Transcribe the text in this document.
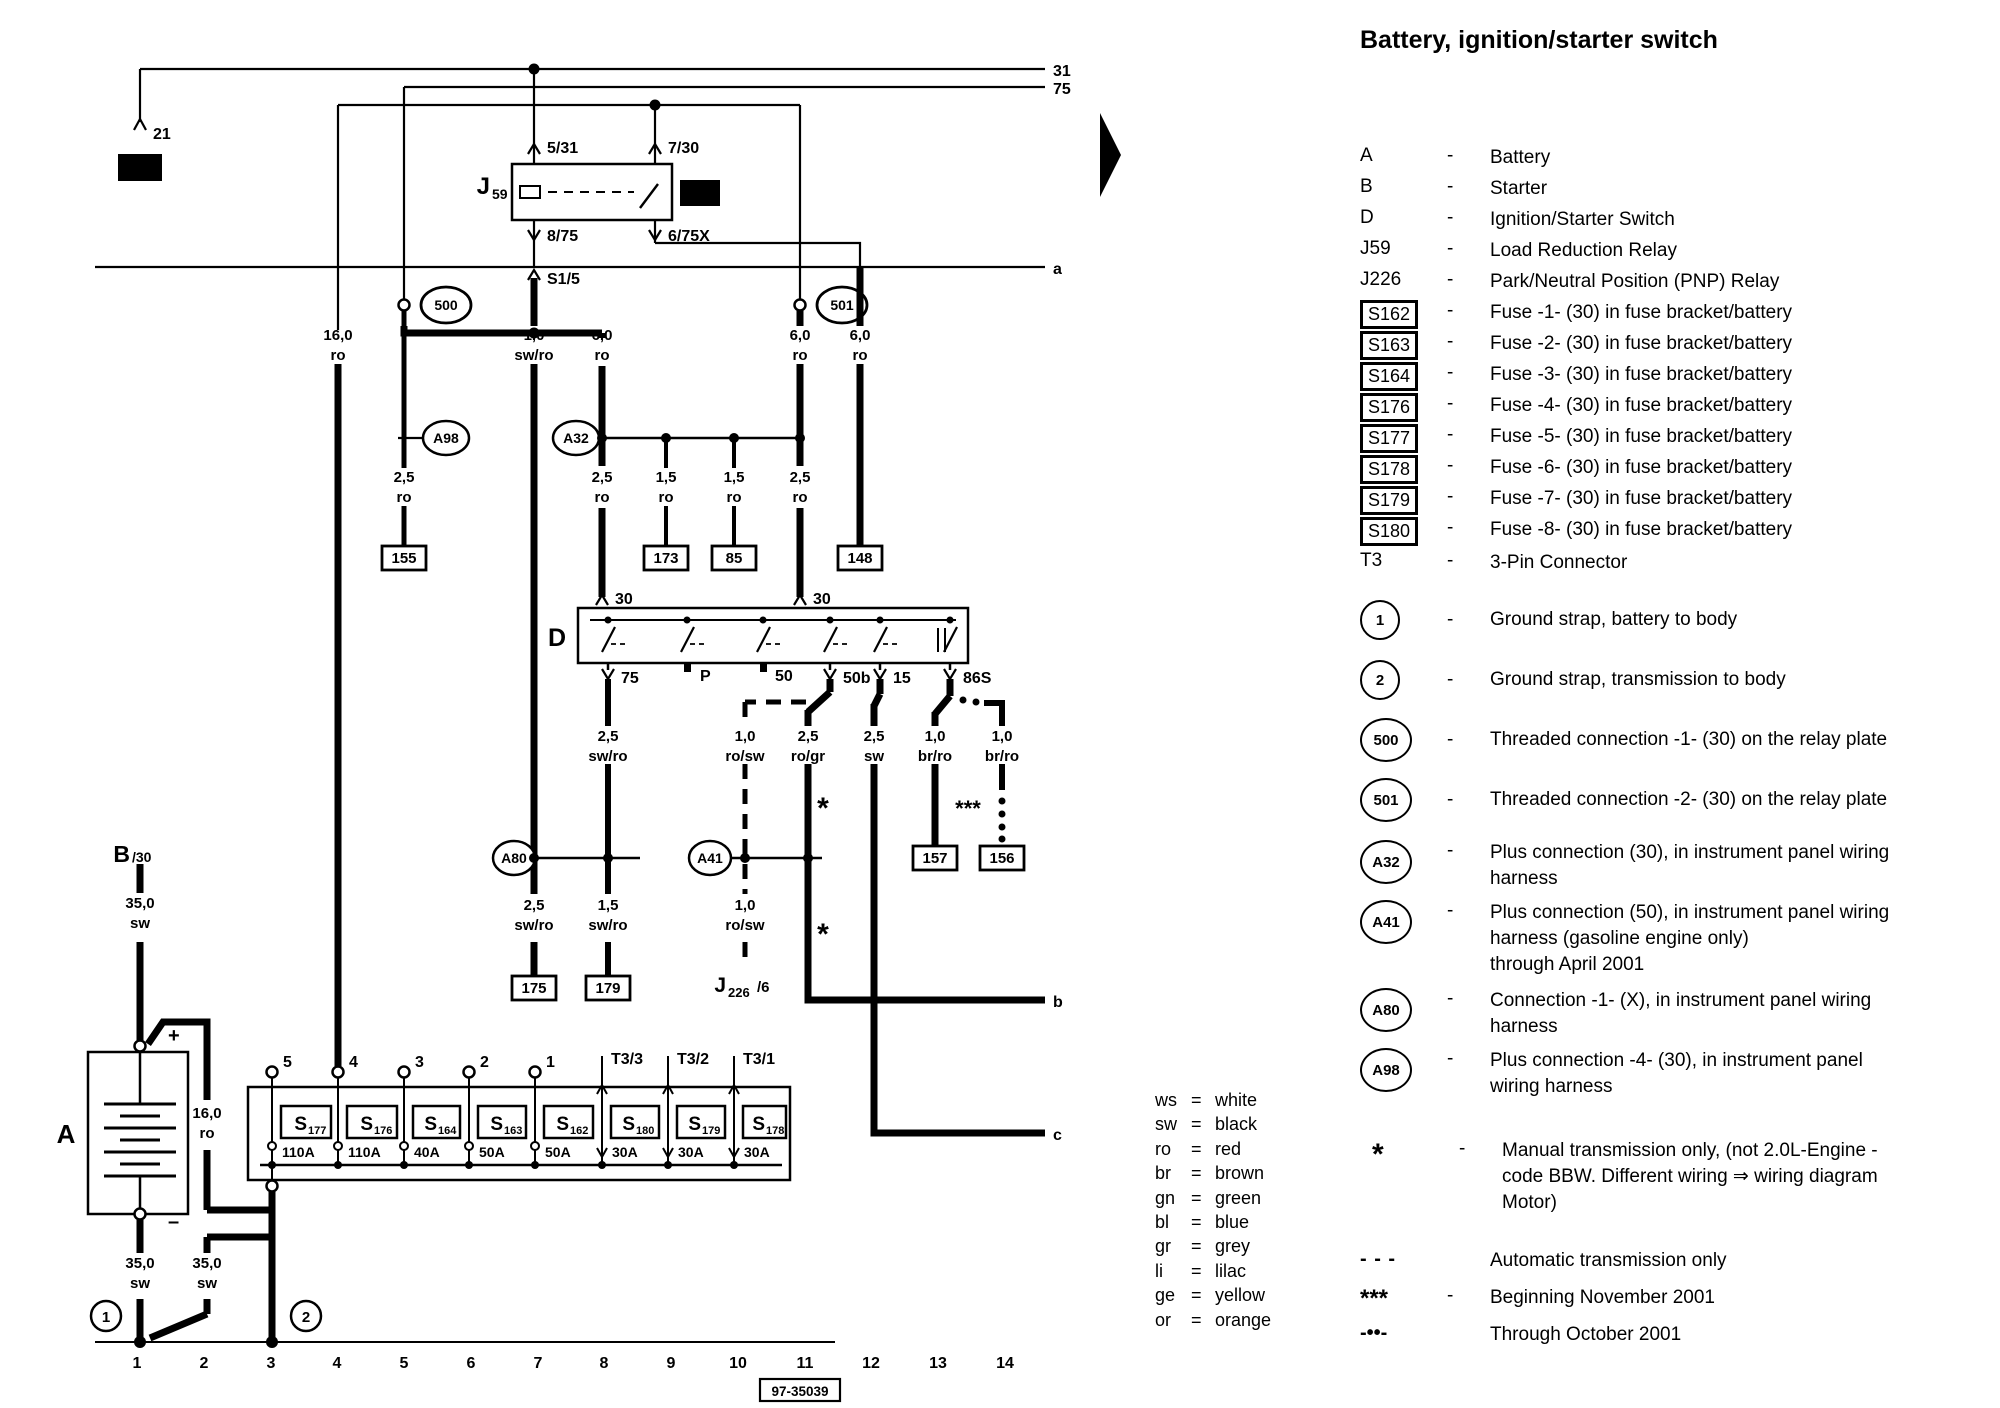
31
75
a
b
c
21
4
2
J 59
5/31	7/30
8/75	6/75X
S1/5
500	501
A98	A32
A80	A41
16,0
ro
1,0
sw/ro
6,0
ro
6,0
ro
6,0
ro
2,5
ro
2,5
ro
1,5
ro
1,5
ro
2,5
ro
2,5
sw/ro
1,0
ro/sw
2,5
ro/gr
2,5
sw
1,0
br/ro
1,0
br/ro
2,5
sw/ro
1,5
sw/ro
1,0
ro/sw
35,0
sw
16,0
ro
35,0
sw
35,0
sw
D
30	30
75	P	50	50b 15	86S
155	173	85	148
175	179
157	156
*
*
***
J 226 /6
B /30
A
+
–
1	2
5	4	3	2	1	T3/3 T3/2 T3/1
S 177
110A
S 176
110A
S 164
40A
S 163
50A
S 162
50A
S 180
30A
S 179
30A
S 178
30A
1	2	3	4	5	6	7	8	9	10	11	12	13	14
97-35039
Battery, ignition/starter switch
A	-	Battery
B	-	Starter
D	-	Ignition/Starter Switch
J59	-	Load Reduction Relay
J226	-	Park/Neutral Position (PNP) Relay
S162	-	Fuse -1- (30) in fuse bracket/battery
S163	-	Fuse -2- (30) in fuse bracket/battery
S164	-	Fuse -3- (30) in fuse bracket/battery
S176	-	Fuse -4- (30) in fuse bracket/battery
S177	-	Fuse -5- (30) in fuse bracket/battery
S178	-	Fuse -6- (30) in fuse bracket/battery
S179	-	Fuse -7- (30) in fuse bracket/battery
S180	-	Fuse -8- (30) in fuse bracket/battery
T3	-	3-Pin Connector
1	-	Ground strap, battery to body
2	-	Ground strap, transmission to body
500	-	Threaded connection -1- (30) on the relay plate
501	-	Threaded connection -2- (30) on the relay plate
A32
-	Plus connection (30), in instrument panel wiring
harness
A41
-	Plus connection (50), in instrument panel wiring
harness (gasoline engine only)
through April 2001
A80
-	Connection -1- (X), in instrument panel wiring
harness
A98
-	Plus connection -4- (30), in instrument panel
wiring harness
*	-	Manual transmission only, (not 2.0L-Engine -
code BBW. Different wiring ⇒ wiring diagram
Motor)
- - -	Automatic transmission only
***	-	Beginning November 2001
-••-	Through October 2001
ws = white
sw = black
ro	= red
br	= brown
gn = green
bl	= blue
gr	= grey
li	= lilac
ge = yellow
or	= orange
